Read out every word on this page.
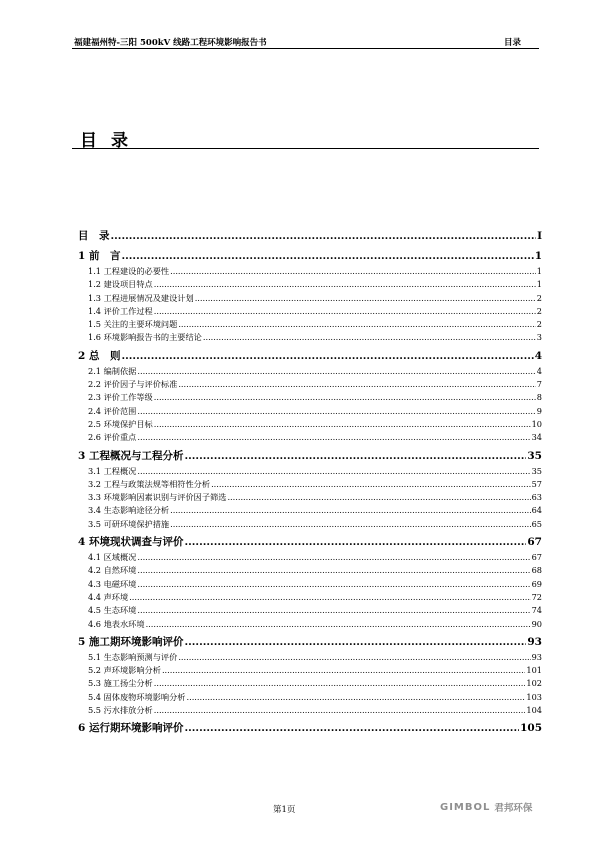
福建福州特-三阳 500kV 线路工程环境影响报告书	目录
目录
目　录 .....	I
1 前　言 .....	1
1.1 工程建设的必要性 .....	1
1.2 建设项目特点 .....	1
1.3 工程进展情况及建设计划 .....	2
1.4 评价工作过程 .....	2
1.5 关注的主要环境问题 .....	2
1.6 环境影响报告书的主要结论 .....	3
2 总　则 .....	4
2.1 编制依据 .....	4
2.2 评价因子与评价标准 .....	7
2.3 评价工作等级 .....	8
2.4 评价范围 .....	9
2.5 环境保护目标 .....	10
2.6 评价重点 .....	34
3 工程概况与工程分析 .....	35
3.1 工程概况 .....	35
3.2 工程与政策法规等相符性分析 .....	57
3.3 环境影响因素识别与评价因子筛选 .....	63
3.4 生态影响途径分析 .....	64
3.5 可研环境保护措施 .....	65
4 环境现状调查与评价 .....	67
4.1 区域概况 .....	67
4.2 自然环境 .....	68
4.3 电磁环境 .....	69
4.4 声环境 .....	72
4.5 生态环境 .....	74
4.6 地表水环境 .....	90
5 施工期环境影响评价 .....	93
5.1 生态影响预测与评价 .....	93
5.2 声环境影响分析 .....	101
5.3 施工扬尘分析 .....	102
5.4 固体废物环境影响分析 .....	103
5.5 污水排放分析 .....	104
6 运行期环境影响评价 .....	105
第1页	GIMBOL 君邦环保
